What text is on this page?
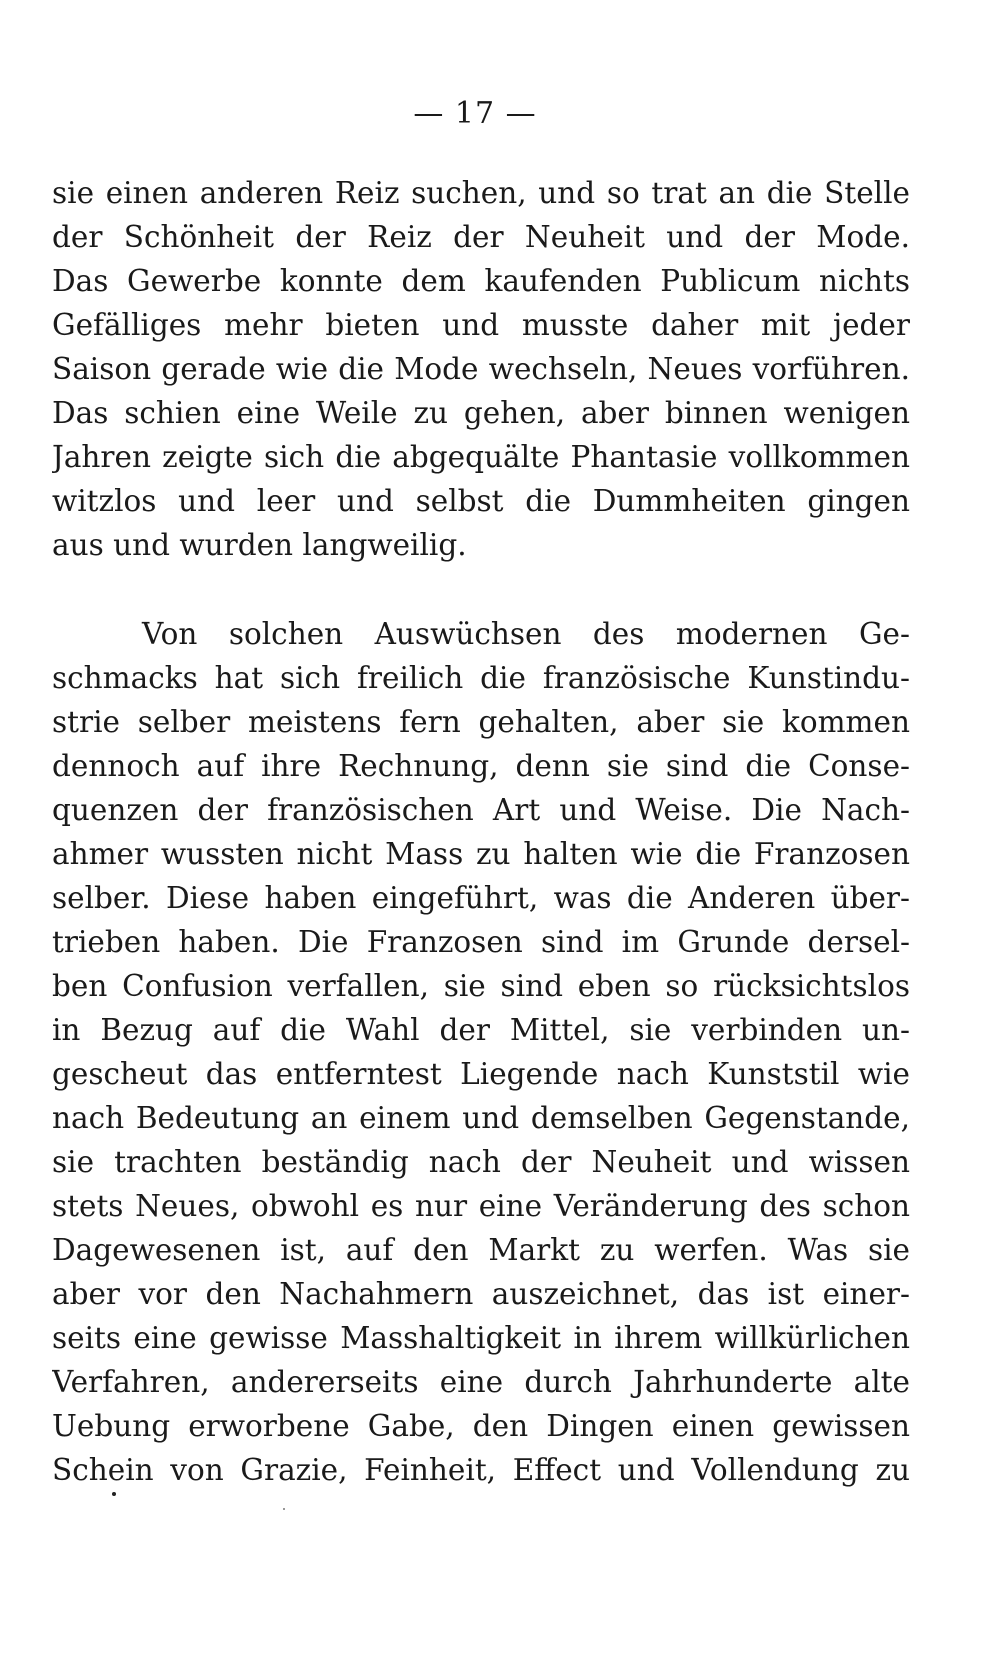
— 17 —
sie einen anderen Reiz suchen, und so trat an die Stelle
der Schönheit der Reiz der Neuheit und der Mode.
Das Gewerbe konnte dem kaufenden Publicum nichts
Gefälliges mehr bieten und musste daher mit jeder
Saison gerade wie die Mode wechseln, Neues vorführen.
Das schien eine Weile zu gehen, aber binnen wenigen
Jahren zeigte sich die abgequälte Phantasie vollkommen
witzlos und leer und selbst die Dummheiten gingen
aus und wurden langweilig.
Von solchen Auswüchsen des modernen Ge-
schmacks hat sich freilich die französische Kunstindu-
strie selber meistens fern gehalten, aber sie kommen
dennoch auf ihre Rechnung, denn sie sind die Conse-
quenzen der französischen Art und Weise. Die Nach-
ahmer wussten nicht Mass zu halten wie die Franzosen
selber. Diese haben eingeführt, was die Anderen über-
trieben haben. Die Franzosen sind im Grunde dersel-
ben Confusion verfallen, sie sind eben so rücksichtslos
in Bezug auf die Wahl der Mittel, sie verbinden un-
gescheut das entferntest Liegende nach Kunststil wie
nach Bedeutung an einem und demselben Gegenstande,
sie trachten beständig nach der Neuheit und wissen
stets Neues, obwohl es nur eine Veränderung des schon
Dagewesenen ist, auf den Markt zu werfen. Was sie
aber vor den Nachahmern auszeichnet, das ist einer-
seits eine gewisse Masshaltigkeit in ihrem willkürlichen
Verfahren, andererseits eine durch Jahrhunderte alte
Uebung erworbene Gabe, den Dingen einen gewissen
Schein von Grazie, Feinheit, Effect und Vollendung zu
